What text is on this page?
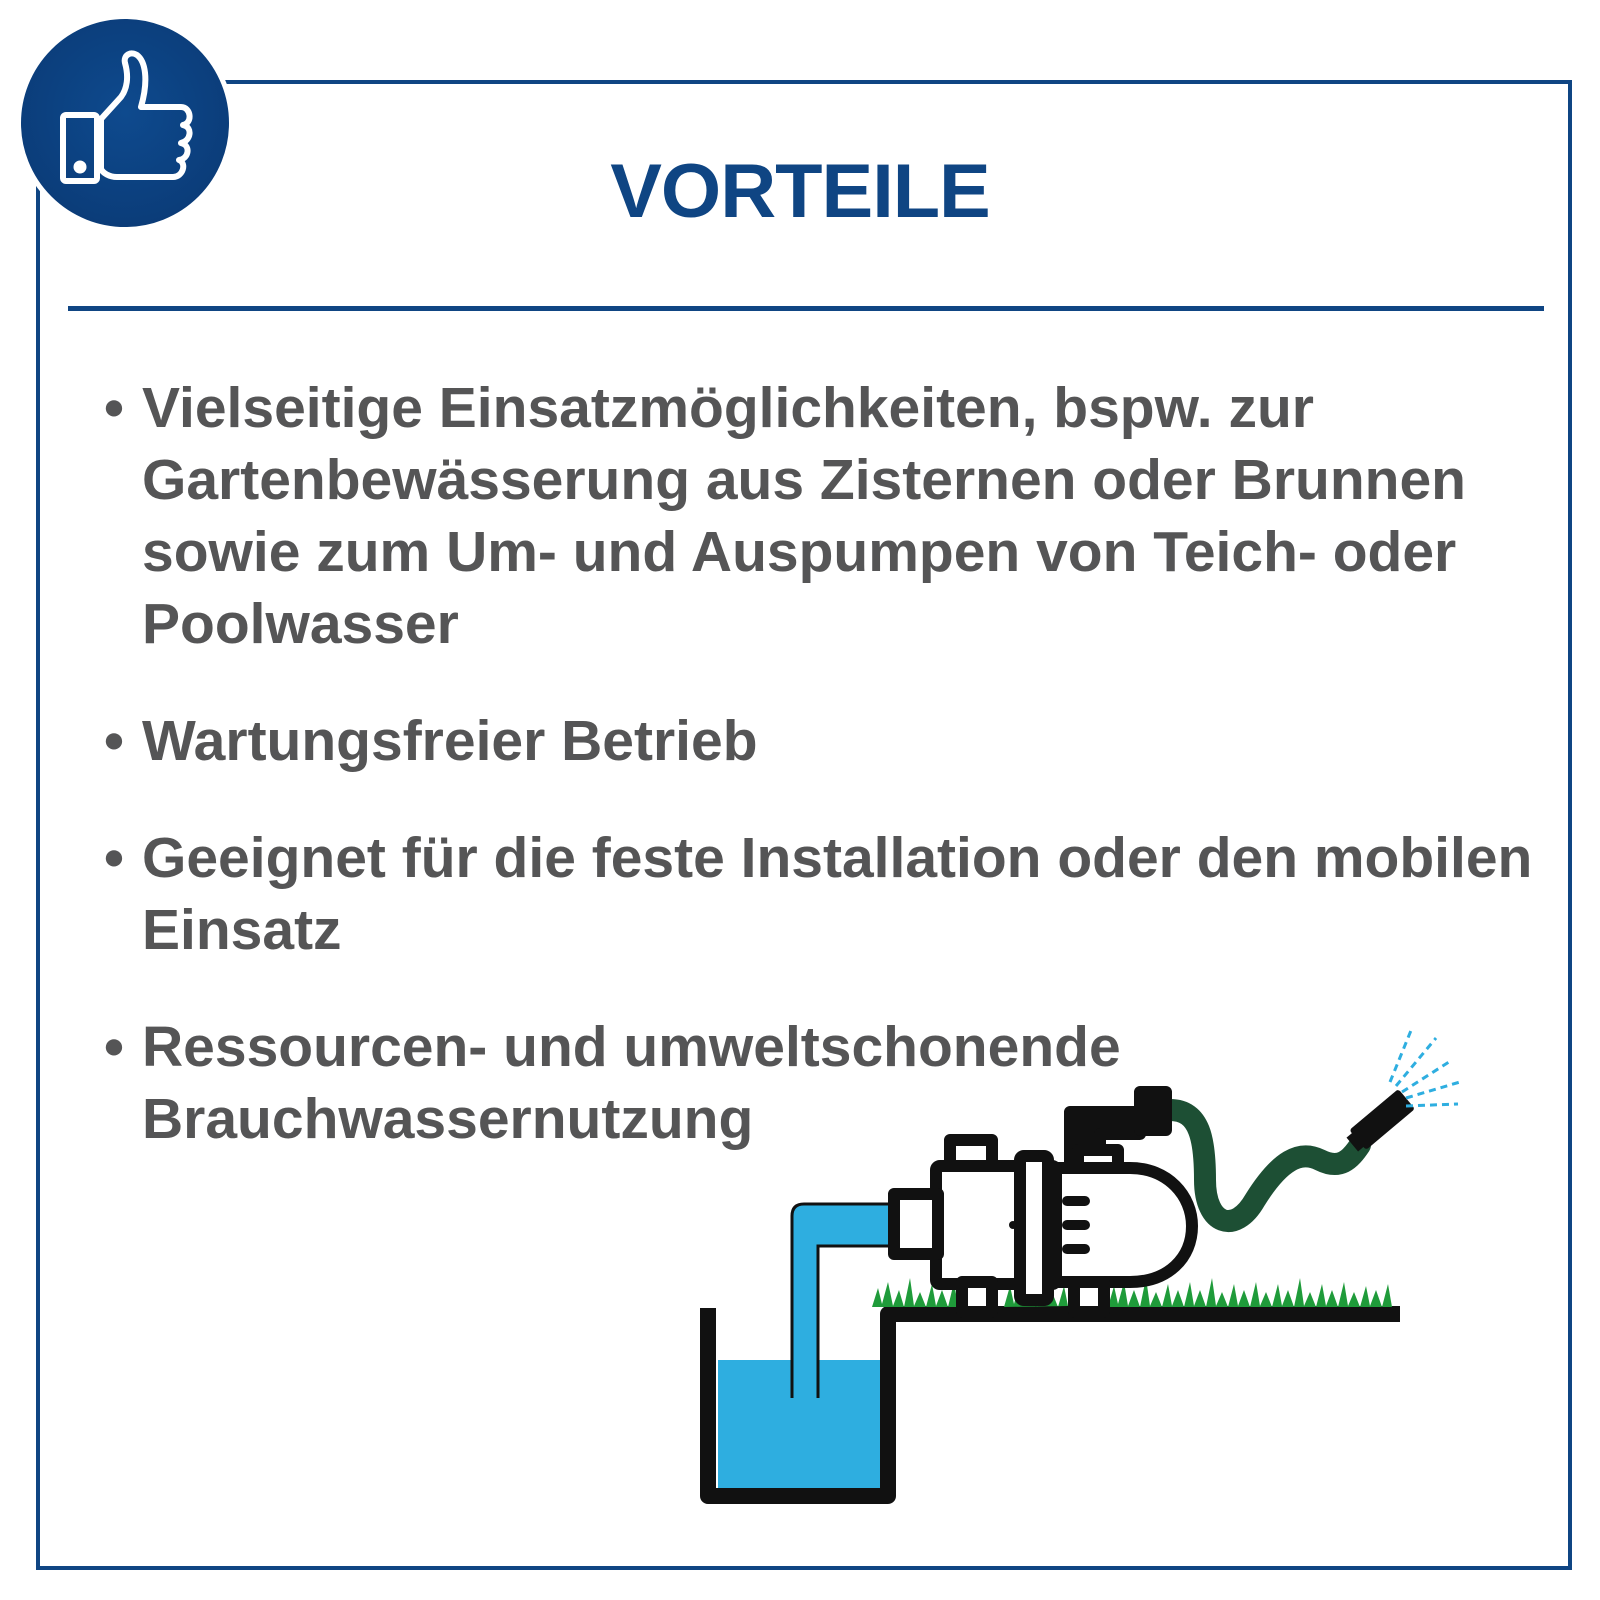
VORTEILE
• Vielseitige Einsatzmöglichkeiten, bspw. zur Gartenbewässerung aus Zisternen oder Brunnen sowie zum Um- und Auspumpen von Teich- oder Poolwasser
• Wartungsfreier Betrieb
• Geeignet für die feste Installation oder den mobilen Einsatz
• Ressourcen- und umweltschonende Brauchwassernutzung
